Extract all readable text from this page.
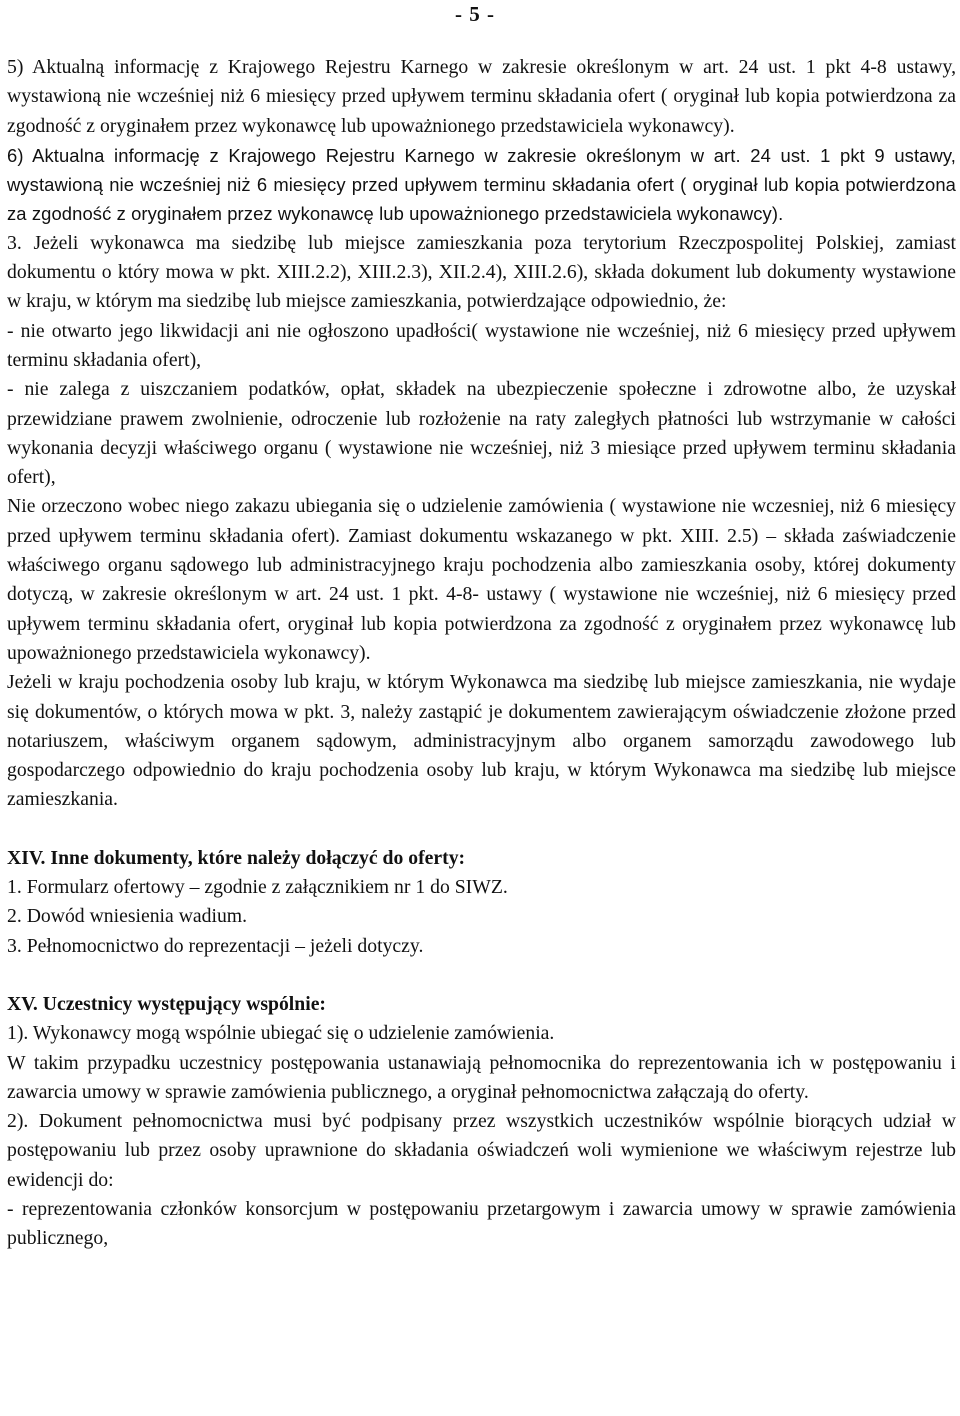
- 5 -

5) Aktualną informację z Krajowego Rejestru Karnego w zakresie określonym w art. 24 ust. 1 pkt 4-8 ustawy, wystawioną nie wcześniej niż 6 miesięcy przed upływem terminu składania ofert ( oryginał lub kopia potwierdzona za zgodność z oryginałem przez wykonawcę lub upoważnionego przedstawiciela wykonawcy).

6) Aktualna informację z Krajowego Rejestru Karnego w zakresie określonym w art. 24 ust. 1 pkt 9 ustawy, wystawioną nie wcześniej niż 6 miesięcy przed upływem terminu składania ofert ( oryginał lub kopia potwierdzona za zgodność z oryginałem przez wykonawcę lub upoważnionego przedstawiciela wykonawcy).

3. Jeżeli wykonawca ma siedzibę lub miejsce zamieszkania poza terytorium Rzeczpospolitej Polskiej, zamiast dokumentu o który mowa w pkt. XIII.2.2), XIII.2.3), XII.2.4), XIII.2.6), składa dokument lub dokumenty wystawione w kraju, w którym ma siedzibę lub miejsce zamieszkania, potwierdzające odpowiednio, że:

- nie otwarto jego likwidacji ani nie ogłoszono upadłości( wystawione nie wcześniej, niż 6 miesięcy przed upływem terminu składania ofert),

- nie zalega z uiszczaniem podatków, opłat, składek na ubezpieczenie społeczne i zdrowotne albo, że uzyskał przewidziane prawem zwolnienie, odroczenie lub rozłożenie na raty zaległych płatności lub wstrzymanie w całości wykonania decyzji właściwego organu ( wystawione nie wcześniej, niż 3 miesiące przed upływem terminu składania ofert),

Nie orzeczono wobec niego zakazu ubiegania się o udzielenie zamówienia ( wystawione nie wczesniej, niż 6 miesięcy przed upływem terminu składania ofert). Zamiast dokumentu wskazanego w pkt. XIII. 2.5) – składa zaświadczenie właściwego organu sądowego lub administracyjnego kraju pochodzenia albo zamieszkania osoby, której dokumenty dotyczą, w zakresie określonym w art. 24 ust. 1 pkt. 4-8- ustawy ( wystawione nie wcześniej, niż 6 miesięcy przed upływem terminu składania ofert, oryginał lub kopia potwierdzona za zgodność z oryginałem przez wykonawcę lub upoważnionego przedstawiciela wykonawcy).

Jeżeli w kraju pochodzenia osoby lub kraju, w którym Wykonawca ma siedzibę lub miejsce zamieszkania, nie wydaje się dokumentów, o których mowa w pkt. 3, należy zastąpić je dokumentem zawierającym oświadczenie złożone przed notariuszem, właściwym organem sądowym, administracyjnym albo organem samorządu zawodowego lub gospodarczego odpowiednio do kraju pochodzenia osoby lub kraju, w którym Wykonawca ma siedzibę lub miejsce zamieszkania.

XIV. Inne dokumenty, które należy dołączyć do oferty:

1. Formularz ofertowy – zgodnie z załącznikiem nr 1 do SIWZ.

2. Dowód wniesienia wadium.

3. Pełnomocnictwo do reprezentacji – jeżeli dotyczy.

XV. Uczestnicy występujący wspólnie:

1). Wykonawcy mogą wspólnie ubiegać się o udzielenie zamówienia.

W takim przypadku uczestnicy postępowania ustanawiają pełnomocnika do reprezentowania ich w postępowaniu i zawarcia umowy w sprawie zamówienia publicznego, a oryginał pełnomocnictwa załączają do oferty.

2). Dokument pełnomocnictwa musi być podpisany przez wszystkich uczestników wspólnie biorących udział w postępowaniu lub przez osoby uprawnione do składania oświadczeń woli wymienione we właściwym rejestrze lub ewidencji do:

- reprezentowania członków konsorcjum w postępowaniu przetargowym i zawarcia umowy w sprawie zamówienia publicznego,
